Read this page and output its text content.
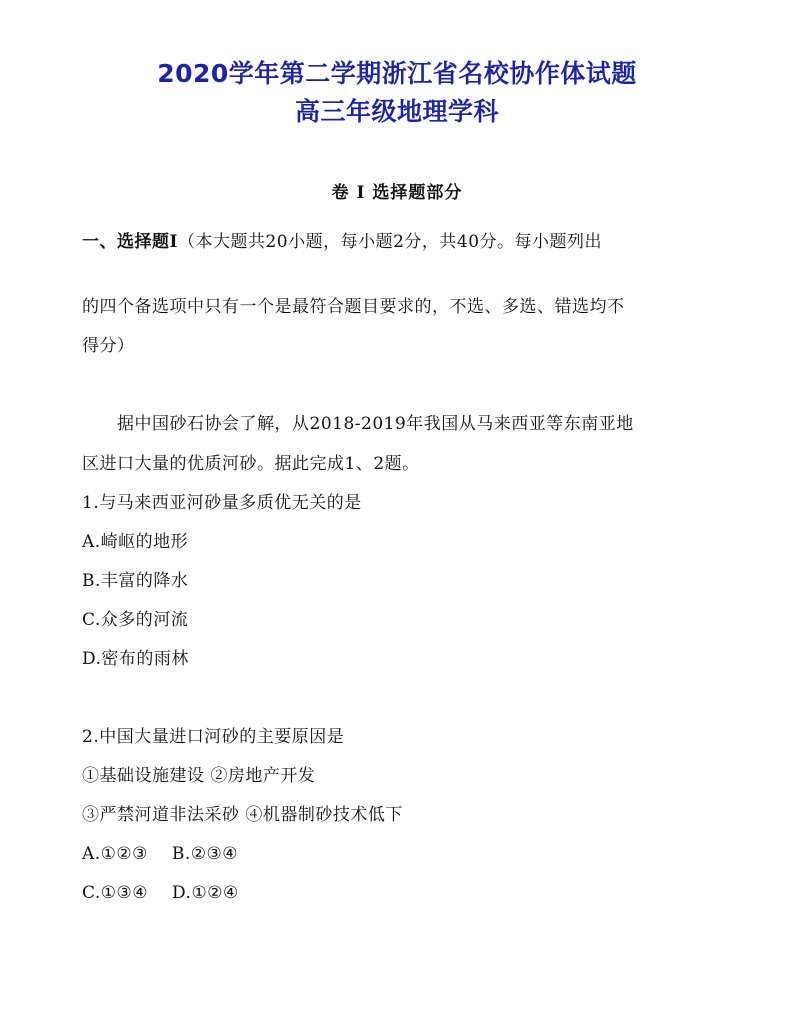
2020学年第二学期浙江省名校协作体试题
高三年级地理学科
卷 I 选择题部分
一、选择题I（本大题共20小题，每小题2分，共40分。每小题列出
的四个备选项中只有一个是最符合题目要求的，不选、多选、错选均不
得分）
据中国砂石协会了解，从2018-2019年我国从马来西亚等东南亚地
区进口大量的优质河砂。据此完成1、2题。
1.与马来西亚河砂量多质优无关的是
A.崎岖的地形
B.丰富的降水
C.众多的河流
D.密布的雨林
2.中国大量进口河砂的主要原因是
①基础设施建设 ②房地产开发
③严禁河道非法采砂 ④机器制砂技术低下
A.①②③ B.②③④
C.①③④ D.①②④
